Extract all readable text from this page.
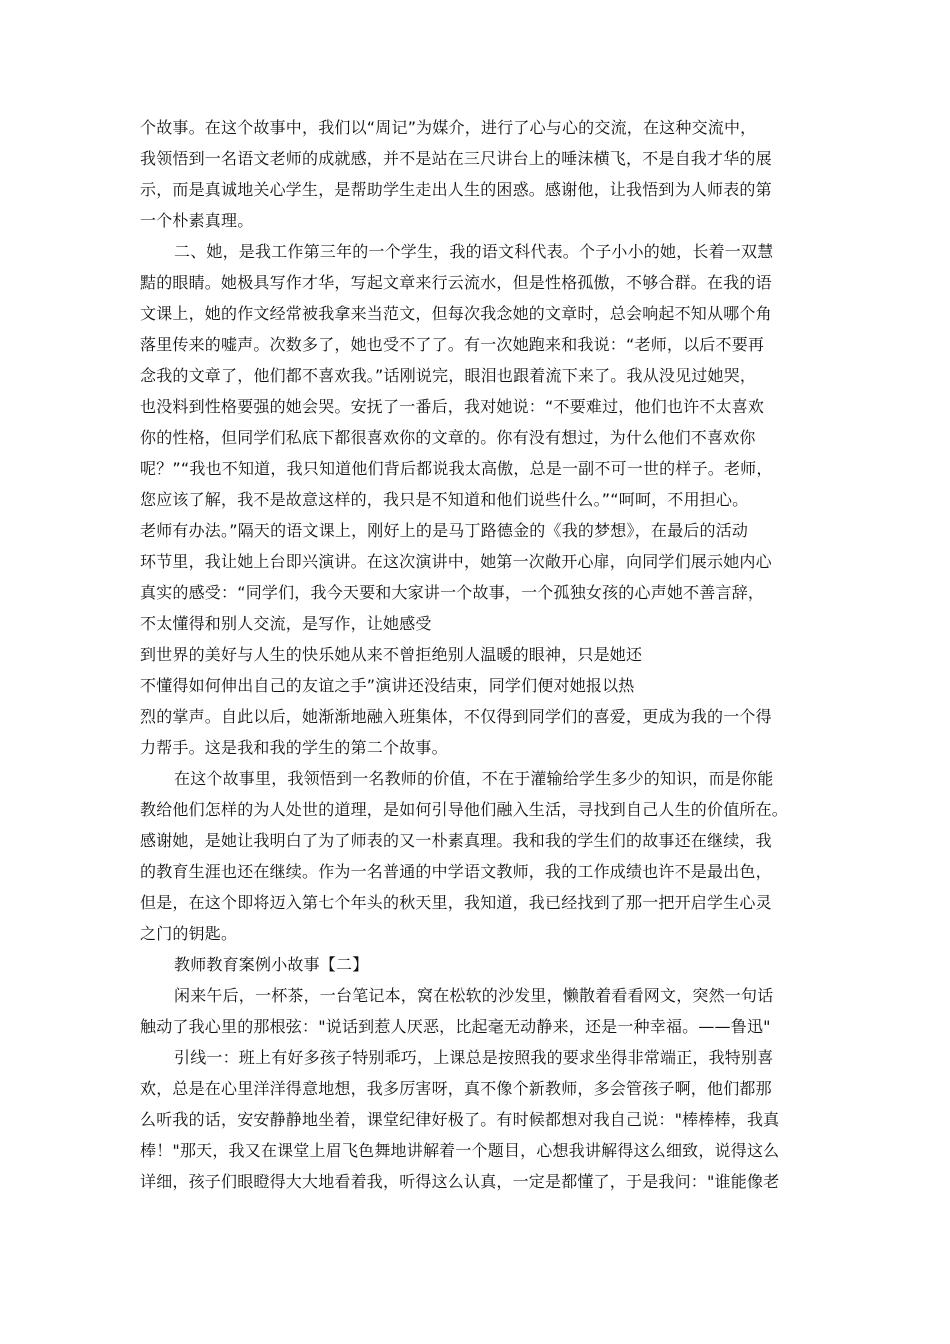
个故事。在这个故事中，我们以“周记”为媒介，进行了心与心的交流，在这种交流中，
我领悟到一名语文老师的成就感，并不是站在三尺讲台上的唾沫横飞，不是自我才华的展
示，而是真诚地关心学生，是帮助学生走出人生的困惑。感谢他，让我悟到为人师表的第
一个朴素真理。
二、她，是我工作第三年的一个学生，我的语文科代表。个子小小的她，长着一双慧
黠的眼睛。她极具写作才华，写起文章来行云流水，但是性格孤傲，不够合群。在我的语
文课上，她的作文经常被我拿来当范文，但每次我念她的文章时，总会响起不知从哪个角
落里传来的嘘声。次数多了，她也受不了了。有一次她跑来和我说：“老师，以后不要再
念我的文章了，他们都不喜欢我。”话刚说完，眼泪也跟着流下来了。我从没见过她哭，
也没料到性格要强的她会哭。安抚了一番后，我对她说：“不要难过，他们也许不太喜欢
你的性格，但同学们私底下都很喜欢你的文章的。你有没有想过，为什么他们不喜欢你
呢？”“我也不知道，我只知道他们背后都说我太高傲，总是一副不可一世的样子。老师，
您应该了解，我不是故意这样的，我只是不知道和他们说些什么。”“呵呵，不用担心。
老师有办法。”隔天的语文课上，刚好上的是马丁路德金的《我的梦想》，在最后的活动
环节里，我让她上台即兴演讲。在这次演讲中，她第一次敞开心扉，向同学们展示她内心
真实的感受：“同学们，我今天要和大家讲一个故事，一个孤独女孩的心声她不善言辞，
不太懂得和别人交流，是写作，让她感受
到世界的美好与人生的快乐她从来不曾拒绝别人温暖的眼神，只是她还
不懂得如何伸出自己的友谊之手”演讲还没结束，同学们便对她报以热
烈的掌声。自此以后，她渐渐地融入班集体，不仅得到同学们的喜爱，更成为我的一个得
力帮手。这是我和我的学生的第二个故事。
在这个故事里，我领悟到一名教师的价值，不在于灌输给学生多少的知识，而是你能
教给他们怎样的为人处世的道理，是如何引导他们融入生活，寻找到自己人生的价值所在。
感谢她，是她让我明白了为了师表的又一朴素真理。我和我的学生们的故事还在继续，我
的教育生涯也还在继续。作为一名普通的中学语文教师，我的工作成绩也许不是最出色，
但是，在这个即将迈入第七个年头的秋天里，我知道，我已经找到了那一把开启学生心灵
之门的钥匙。
教师教育案例小故事【二】
闲来午后，一杯茶，一台笔记本，窝在松软的沙发里，懒散着看看网文，突然一句话
触动了我心里的那根弦："说话到惹人厌恶，比起毫无动静来，还是一种幸福。——鲁迅"
引线一：班上有好多孩子特别乖巧，上课总是按照我的要求坐得非常端正，我特别喜
欢，总是在心里洋洋得意地想，我多厉害呀，真不像个新教师，多会管孩子啊，他们都那
么听我的话，安安静静地坐着，课堂纪律好极了。有时候都想对我自己说："棒棒棒，我真
棒！"那天，我又在课堂上眉飞色舞地讲解着一个题目，心想我讲解得这么细致，说得这么
详细，孩子们眼瞪得大大地看着我，听得这么认真，一定是都懂了，于是我问："谁能像老
